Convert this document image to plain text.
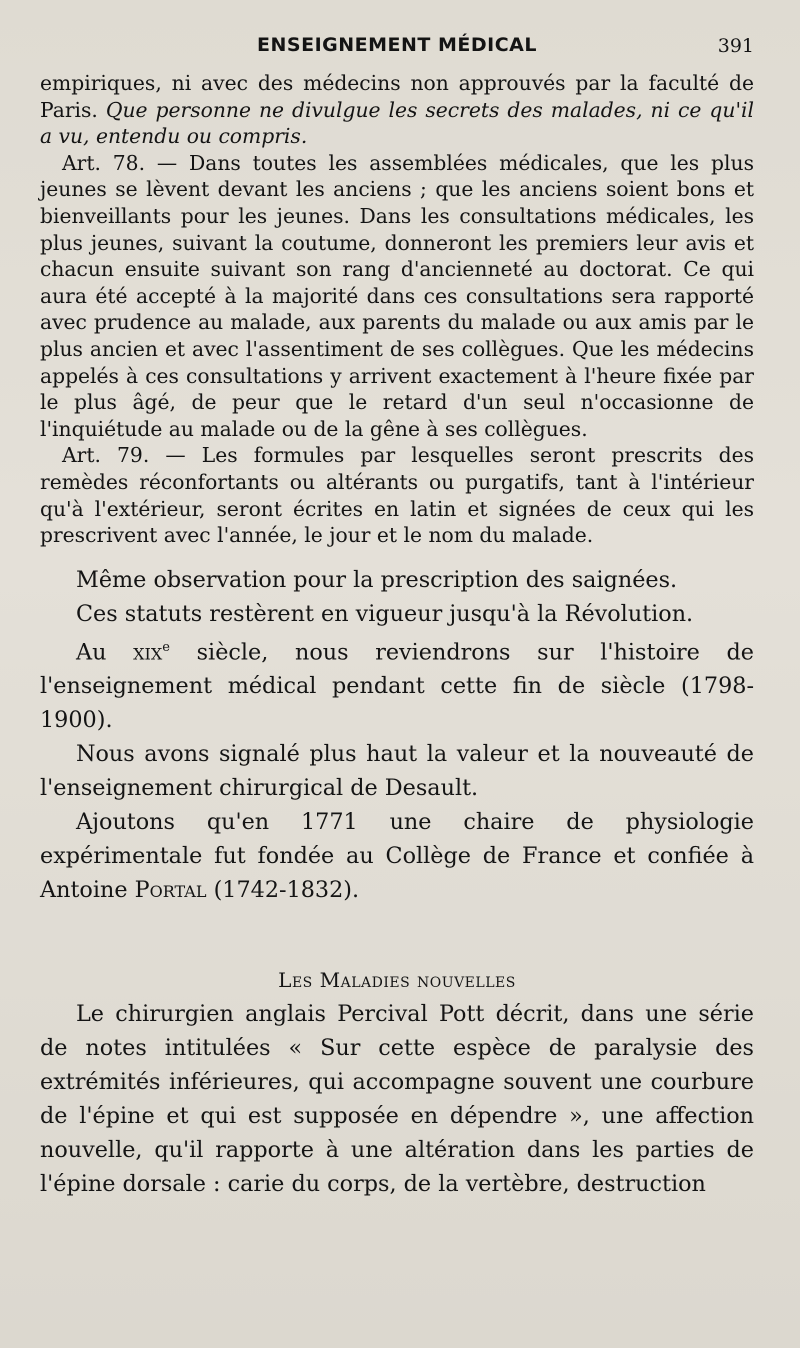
ENSEIGNEMENT MÉDICAL	391

empiriques, ni avec des médecins non approuvés par la faculté de Paris. Que personne ne divulgue les secrets des malades, ni ce qu'il a vu, entendu ou compris.

Art. 78. — Dans toutes les assemblées médicales, que les plus jeunes se lèvent devant les anciens ; que les anciens soient bons et bienveillants pour les jeunes. Dans les consultations médicales, les plus jeunes, suivant la coutume, donneront les premiers leur avis et chacun ensuite suivant son rang d'ancienneté au doctorat. Ce qui aura été accepté à la majorité dans ces consultations sera rapporté avec prudence au malade, aux parents du malade ou aux amis par le plus ancien et avec l'assentiment de ses collègues. Que les médecins appelés à ces consultations y arrivent exactement à l'heure fixée par le plus âgé, de peur que le retard d'un seul n'occasionne de l'inquiétude au malade ou de la gêne à ses collègues.

Art. 79. — Les formules par lesquelles seront prescrits des remèdes réconfortants ou altérants ou purgatifs, tant à l'intérieur qu'à l'extérieur, seront écrites en latin et signées de ceux qui les prescrivent avec l'année, le jour et le nom du malade.

Même observation pour la prescription des saignées.

Ces statuts restèrent en vigueur jusqu'à la Révolution.

Au xix$^e$ siècle, nous reviendrons sur l'histoire de l'enseignement médical pendant cette fin de siècle (1798-1900).

Nous avons signalé plus haut la valeur et la nouveauté de l'enseignement chirurgical de Desault.

Ajoutons qu'en 1771 une chaire de physiologie expérimentale fut fondée au Collège de France et confiée à Antoine Portal (1742-1832).

Les Maladies nouvelles

Le chirurgien anglais Percival Pott décrit, dans une série de notes intitulées « Sur cette espèce de paralysie des extrémités inférieures, qui accompagne souvent une courbure de l'épine et qui est supposée en dépendre », une affection nouvelle, qu'il rapporte à une altération dans les parties de l'épine dorsale : carie du corps, de la vertèbre, destruction
